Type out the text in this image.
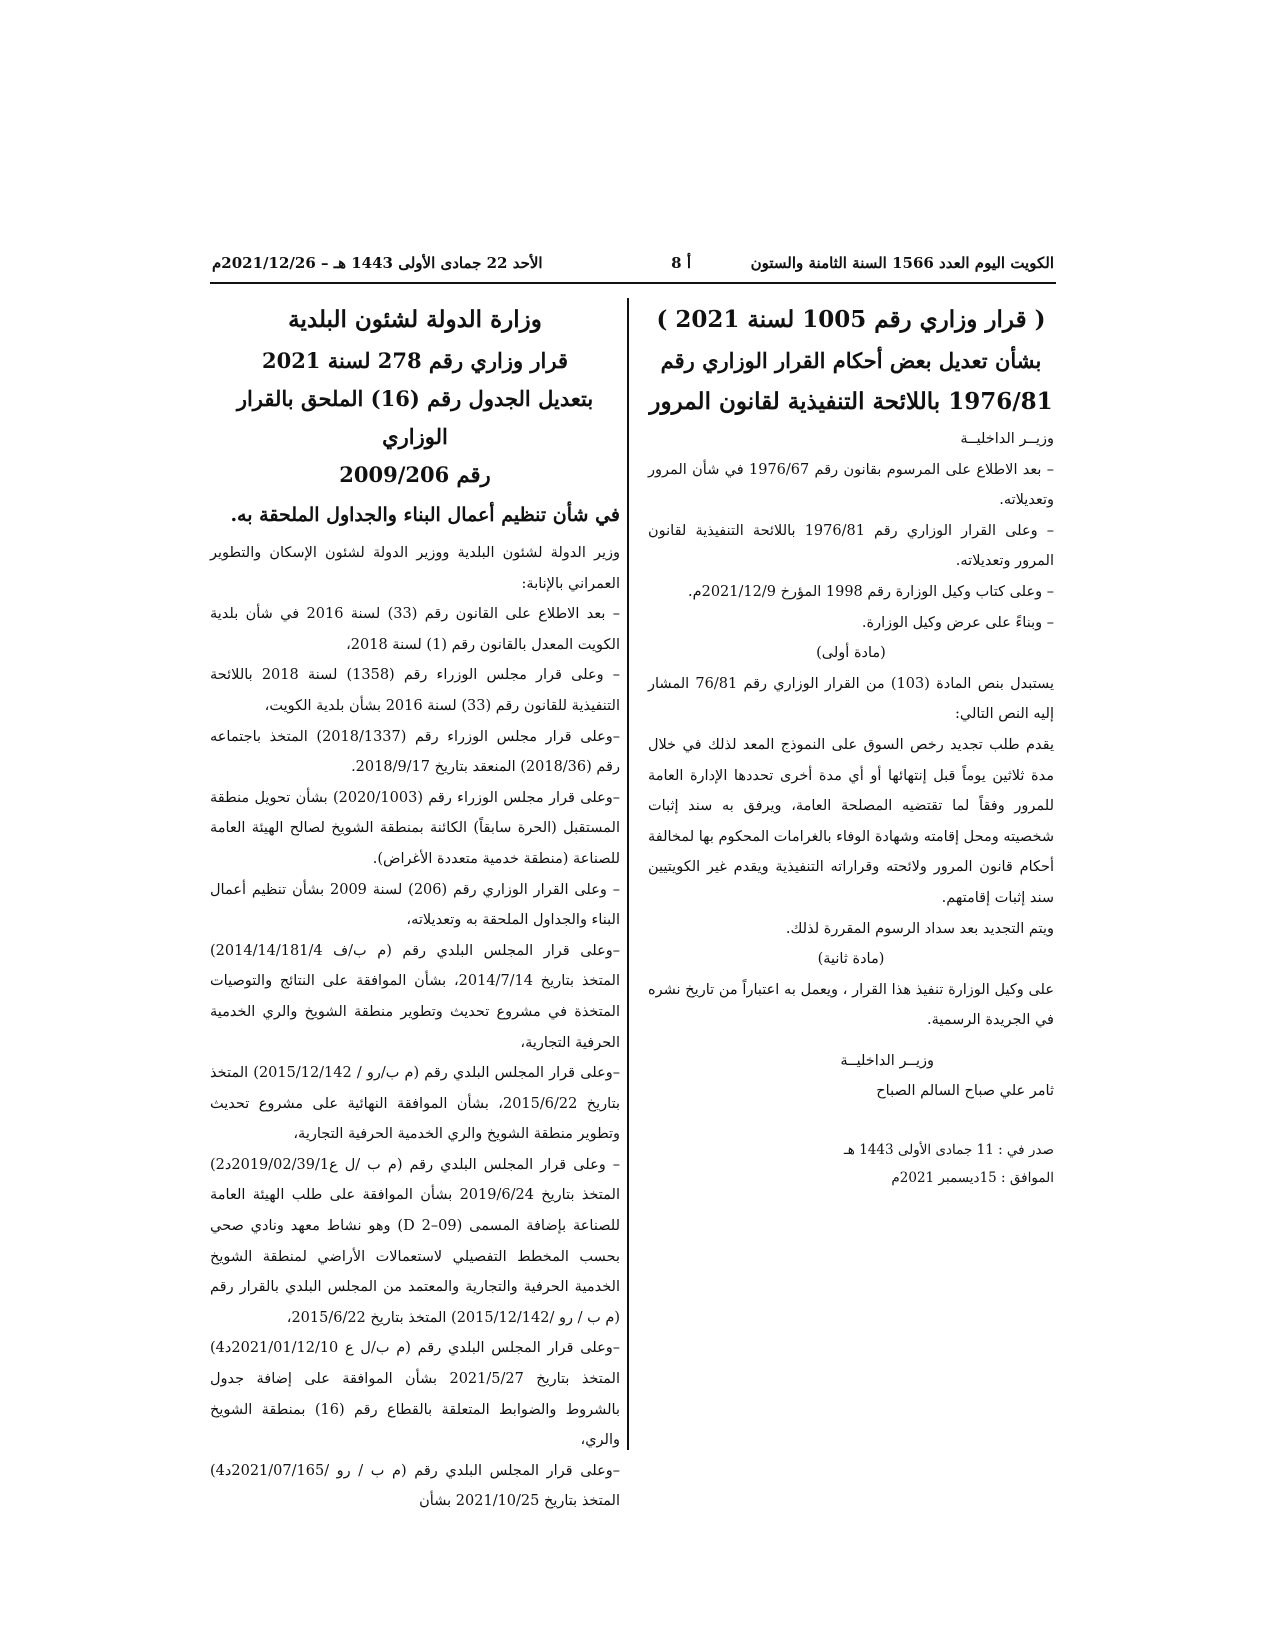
الكويت اليوم العدد 1566 السنة الثامنة والستون
أ 8
الأحد 22 جمادى الأولى 1443 هـ – 2021/12/26م

( قرار وزاري رقم 1005 لسنة 2021 )

بشأن تعديل بعض أحكام القرار الوزاري رقم

1976/81 باللائحة التنفيذية لقانون المرور

وزيــر الداخليــة

– بعد الاطلاع على المرسوم بقانون رقم 1976/67 في شأن المرور وتعديلاته.

– وعلى القرار الوزاري رقم 1976/81 باللائحة التنفيذية لقانون المرور وتعديلاته.

– وعلى كتاب وكيل الوزارة رقم 1998 المؤرخ 2021/12/9م.

– وبناءً على عرض وكيل الوزارة.

(مادة أولى)

يستبدل بنص المادة (103) من القرار الوزاري رقم 76/81 المشار إليه النص التالي:

يقدم طلب تجديد رخص السوق على النموذج المعد لذلك في خلال مدة ثلاثين يوماً قبل إنتهائها أو أي مدة أخرى تحددها الإدارة العامة للمرور وفقاً لما تقتضيه المصلحة العامة، ويرفق به سند إثبات شخصيته ومحل إقامته وشهادة الوفاء بالغرامات المحكوم بها لمخالفة أحكام قانون المرور ولائحته وقراراته التنفيذية ويقدم غير الكويتيين سند إثبات إقامتهم.

ويتم التجديد بعد سداد الرسوم المقررة لذلك.

(مادة ثانية)

على وكيل الوزارة تنفيذ هذا القرار ، ويعمل به اعتباراً من تاريخ نشره في الجريدة الرسمية.

وزيــر الداخليــة

ثامر علي صباح السالم الصباح

صدر في : 11 جمادى الأولى 1443 هـ

الموافق : 15ديسمبر 2021م

وزارة الدولة لشئون البلدية

قرار وزاري رقم 278 لسنة 2021

بتعديل الجدول رقم (16) الملحق بالقرار الوزاري

رقم 2009/206

في شأن تنظيم أعمال البناء والجداول الملحقة به.

وزير الدولة لشئون البلدية ووزير الدولة لشئون الإسكان والتطوير العمراني بالإنابة:

– بعد الاطلاع على القانون رقم (33) لسنة 2016 في شأن بلدية الكويت المعدل بالقانون رقم (1) لسنة 2018،

– وعلى قرار مجلس الوزراء رقم (1358) لسنة 2018 باللائحة التنفيذية للقانون رقم (33) لسنة 2016 بشأن بلدية الكويت،

–وعلى قرار مجلس الوزراء رقم (2018/1337) المتخذ باجتماعه رقم (2018/36) المنعقد بتاريخ 2018/9/17.

–وعلى قرار مجلس الوزراء رقم (2020/1003) بشأن تحويل منطقة المستقبل (الحرة سابقاً) الكائنة بمنطقة الشويخ لصالح الهيئة العامة للصناعة (منطقة خدمية متعددة الأغراض).

– وعلى القرار الوزاري رقم (206) لسنة 2009 بشأن تنظيم أعمال البناء والجداول الملحقة به وتعديلاته،

–وعلى قرار المجلس البلدي رقم (م ب/ف 2014/14/181/4) المتخذ بتاريخ 2014/7/14، بشأن الموافقة على النتائج والتوصيات المتخذة في مشروع تحديث وتطوير منطقة الشويخ والري الخدمية الحرفية التجارية،

–وعلى قرار المجلس البلدي رقم (م ب/رو / 2015/12/142) المتخذ بتاريخ 2015/6/22، بشأن الموافقة النهائية على مشروع تحديث وتطوير منطقة الشويخ والري الخدمية الحرفية التجارية،

– وعلى قرار المجلس البلدي رقم (م ب /ل ع2019/02/39/1د2) المتخذ بتاريخ 2019/6/24 بشأن الموافقة على طلب الهيئة العامة للصناعة بإضافة المسمى (09–2 D) وهو نشاط معهد ونادي صحي بحسب المخطط التفصيلي لاستعمالات الأراضي لمنطقة الشويخ الخدمية الحرفية والتجارية والمعتمد من المجلس البلدي بالقرار رقم (م ب / رو /2015/12/142) المتخذ بتاريخ 2015/6/22،

–وعلى قرار المجلس البلدي رقم (م ب/ل ع 2021/01/12/10د4) المتخذ بتاريخ 2021/5/27 بشأن الموافقة على إضافة جدول بالشروط والضوابط المتعلقة بالقطاع رقم (16) بمنطقة الشويخ والري،

–وعلى قرار المجلس البلدي رقم (م ب / رو /2021/07/165د4) المتخذ بتاريخ 2021/10/25 بشأن
